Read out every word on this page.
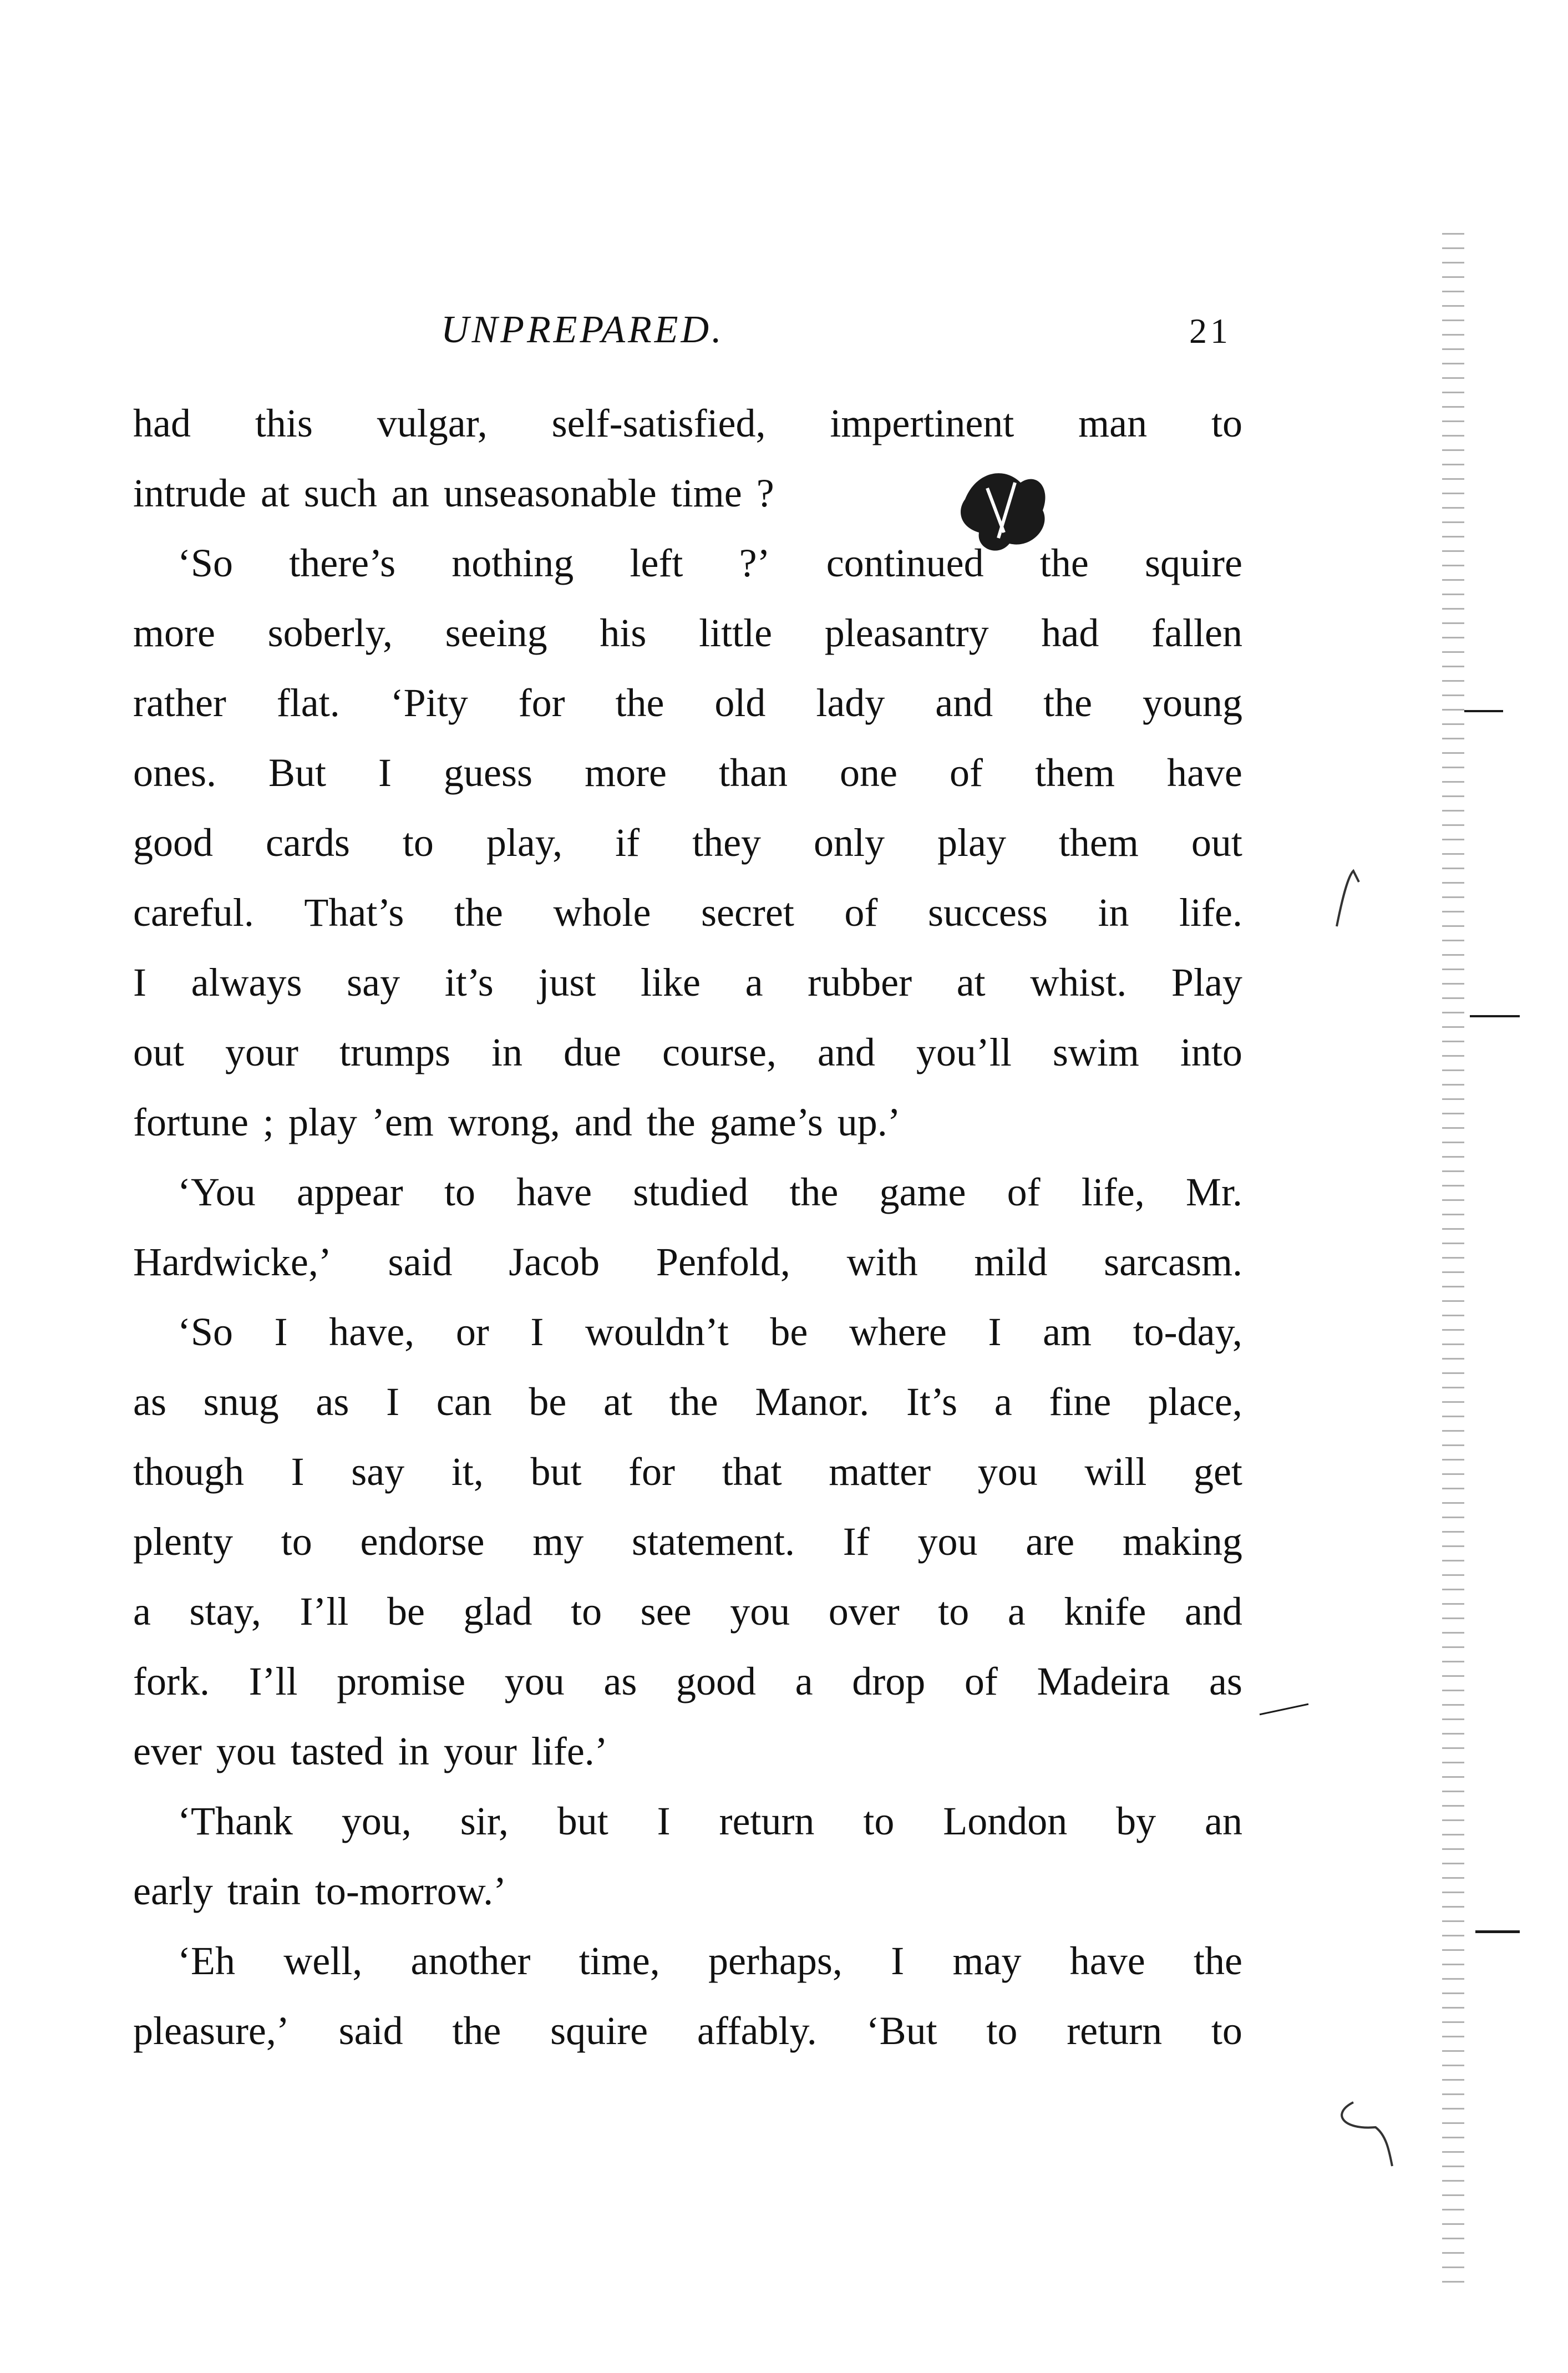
UNPREPARED.	21
had this vulgar, self-satisfied, impertinent man to
intrude at such an unseasonable time ?
‘So there’s nothing left ?’ continued the squire
more soberly, seeing his little pleasantry had fallen
rather flat. ‘Pity for the old lady and the young
ones. But I guess more than one of them have
good cards to play, if they only play them out
careful. That’s the whole secret of success in life.
I always say it’s just like a rubber at whist. Play
out your trumps in due course, and you’ll swim into
fortune ; play ’em wrong, and the game’s up.’
‘You appear to have studied the game of life, Mr.
Hardwicke,’ said Jacob Penfold, with mild sarcasm.
‘So I have, or I wouldn’t be where I am to-day,
as snug as I can be at the Manor. It’s a fine place,
though I say it, but for that matter you will get
plenty to endorse my statement. If you are making
a stay, I’ll be glad to see you over to a knife and
fork. I’ll promise you as good a drop of Madeira as
ever you tasted in your life.’
‘Thank you, sir, but I return to London by an
early train to-morrow.’
‘Eh well, another time, perhaps, I may have the
pleasure,’ said the squire affably. ‘But to return to
